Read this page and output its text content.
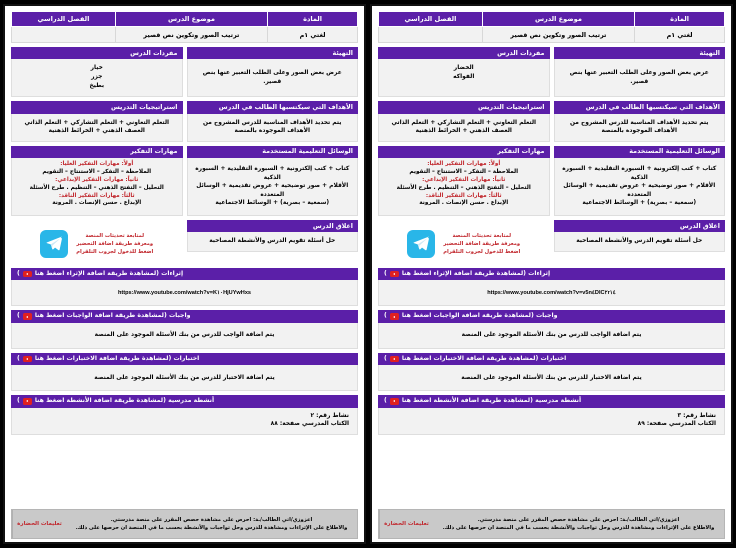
المادة	موضوع الدرس	الفصل الدراسي
لغتي ١م	ترتيب الصور وتكوين نص قصير	
التهيئة
عرض بعض الصور وعلى الطلب التعبير عنها بنص قصير.
الأهداف التي سيكتسبها الطالب في الدرس
يتم تحديد الأهداف المناسبة للدرس المشروح من الأهداف الموجودة بالمنصة
الوسائل التعليمية المستخدمة
كتاب + كتب إلكترونية + السبورة التقليدية + السبورة الذكية
الأقلام + صور توضيحية + عروض تقديمية + الوسائل المتعددة
(سمعية – بصرية) + الوسائط الاجتماعية
اغلاق الدرس
حل أسئلة تقويم الدرس والأنشطة المصاحبة
مفردات الدرس
الخضار
الفواكه
استراتيجيات التدريس
التعلم التعاوني + التعلم التشاركي + التعلم الذاتي
العصف الذهني + الخرائط الذهنية
مهارات التفكير
أولاً: مهارات التفكير العليا:
الملاحظة – التفكر – الاستنتاج – التقويم
ثانياً: مهارات التفكير الإبداعي:
التحليل – التفتح الذهني – التنظيم . طرح الأسئلة
ثالثاً: مهارات التفكير الناقد:
الإبداع . حسن الإنصات . المرونة
لمتابعة تحديثات المنصة
ومعرفة طريقة اضافة التحضير
اضغط للدخول لجروب التلقرام
إثراءات (لمشاهدة طريقة اضافة الإثراء اضغط هنا
)
https://www.youtube.com/watch?v=v5n٤DIC٢r١٤
واجبات (لمشاهدة طريقة اضافة الواجبات اضغط هنا
)
يتم اضافة الواجب للدرس من بنك الأسئلة الموجود على المنصة
اختبارات (لمشاهدة طريقة اضافة الاختبارات اضغط هنا
)
يتم اضافة الاختبار للدرس من بنك الأسئلة الموجود على المنصة
أنشطة مدرسية (لمشاهدة طريقة اضافة الأنشطة اضغط هنا
)
نشاط رقم: ٣
الكتاب المدرسي صفحة: ٨٩
اعزوزي/اتي الطالب/ـة: احرص على مشاهدة حصص المقرر على منصة مدرستي.
والاطلاع على الإثراءات ومشاهدة للدرس وحل تواجبات والأنشطة بحسب ما في المنصة ان حرصها على ذلك.
تعليمات الحضارة
المادة	موضوع الدرس	الفصل الدراسي
لغتي ١م	ترتيب الصور وتكوين نص قصير	
التهيئة
عرض بعض الصور وعلى الطلب التعبير عنها بنص قصير.
الأهداف التي سيكتسبها الطالب في الدرس
يتم تحديد الأهداف المناسبة للدرس المشروح من الأهداف الموجودة بالمنصة
الوسائل التعليمية المستخدمة
كتاب + كتب إلكترونية + السبورة التقليدية + السبورة الذكية
الأقلام + صور توضيحية + عروض تقديمية + الوسائل المتعددة
(سمعية – بصرية) + الوسائط الاجتماعية
اغلاق الدرس
حل أسئلة تقويم الدرس والأنشطة المصاحبة
مفردات الدرس
خيار
جزر
بطيخ
استراتيجيات التدريس
التعلم التعاوني + التعلم التشاركي + التعلم الذاتي
العصف الذهني + الخرائط الذهنية
مهارات التفكير
أولاً: مهارات التفكير العليا:
الملاحظة – التفكر – الاستنتاج – التقويم
ثانياً: مهارات التفكير الإبداعي:
التحليل – التفتح الذهني – التنظيم . طرح الأسئلة
ثالثاً: مهارات التفكير الناقد:
الإبداع . حسن الإنصات . المرونة
لمتابعة تحديثات المنصة
ومعرفة طريقة اضافة التحضير
اضغط للدخول لجروب التلقرام
إثراءات (لمشاهدة طريقة اضافة الإثراء اضغط هنا
)
https://www.youtube.com/watch?v=K١٠HjUYwHxs
واجبات (لمشاهدة طريقة اضافة الواجبات اضغط هنا
)
يتم اضافة الواجب للدرس من بنك الأسئلة الموجود على المنصة
اختبارات (لمشاهدة طريقة اضافة الاختبارات اضغط هنا
)
يتم اضافة الاختبار للدرس من بنك الأسئلة الموجود على المنصة
أنشطة مدرسية (لمشاهدة طريقة اضافة الأنشطة اضغط هنا
)
نشاط رقم: ٢
الكتاب المدرسي صفحة: ٨٨
اعزوزي/اتي الطالب/ـة: احرص على مشاهدة حصص المقرر على منصة مدرستي.
والاطلاع على الإثراءات ومشاهدة للدرس وحل تواجبات والأنشطة بحسب ما في المنصة ان حرصها على ذلك.
تعليمات الحضارة
